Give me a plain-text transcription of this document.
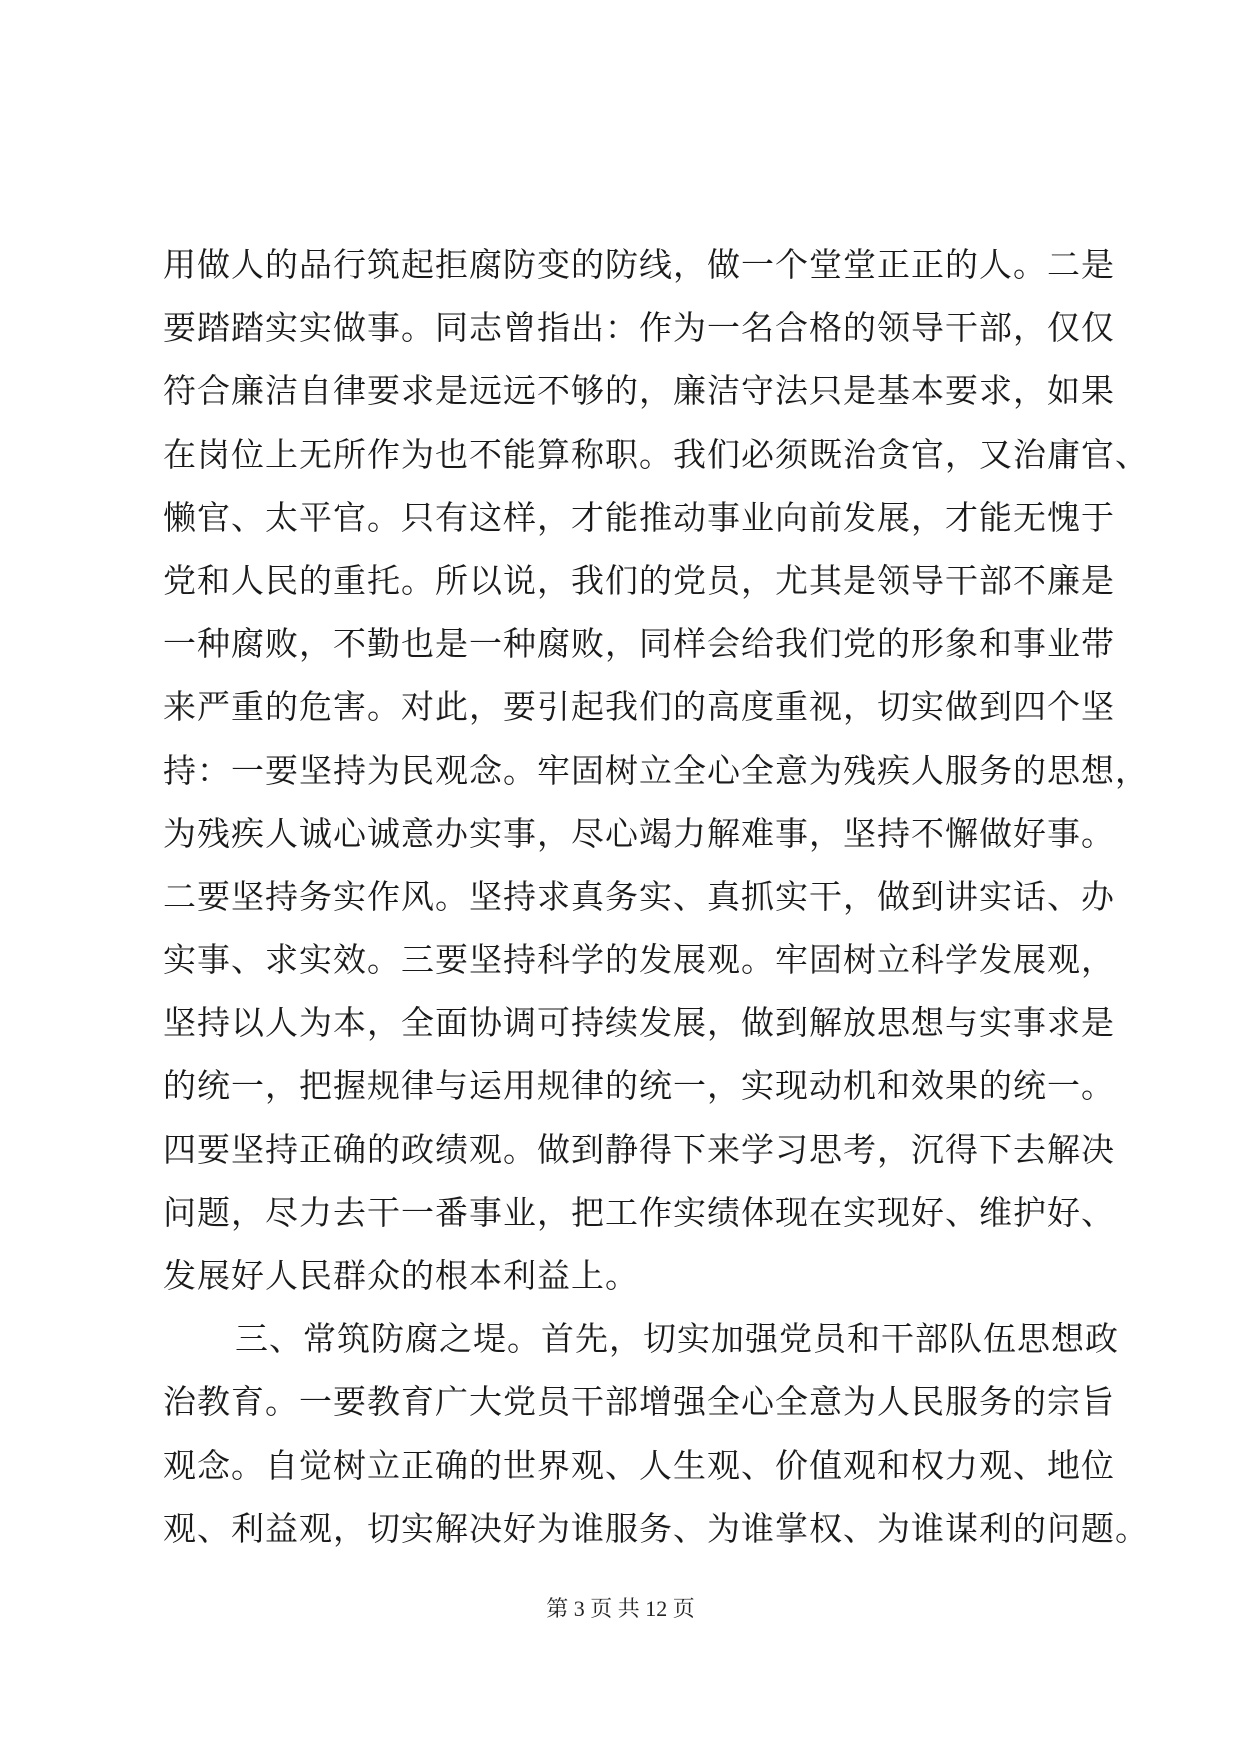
用做人的品行筑起拒腐防变的防线，做一个堂堂正正的人。二是
要踏踏实实做事。同志曾指出：作为一名合格的领导干部，仅仅
符合廉洁自律要求是远远不够的，廉洁守法只是基本要求，如果
在岗位上无所作为也不能算称职。我们必须既治贪官，又治庸官、
懒官、太平官。只有这样，才能推动事业向前发展，才能无愧于
党和人民的重托。所以说，我们的党员，尤其是领导干部不廉是
一种腐败，不勤也是一种腐败，同样会给我们党的形象和事业带
来严重的危害。对此，要引起我们的高度重视，切实做到四个坚
持：一要坚持为民观念。牢固树立全心全意为残疾人服务的思想，
为残疾人诚心诚意办实事，尽心竭力解难事，坚持不懈做好事。
二要坚持务实作风。坚持求真务实、真抓实干，做到讲实话、办
实事、求实效。三要坚持科学的发展观。牢固树立科学发展观，
坚持以人为本，全面协调可持续发展，做到解放思想与实事求是
的统一，把握规律与运用规律的统一，实现动机和效果的统一。
四要坚持正确的政绩观。做到静得下来学习思考，沉得下去解决
问题，尽力去干一番事业，把工作实绩体现在实现好、维护好、
发展好人民群众的根本利益上。
三、常筑防腐之堤。首先，切实加强党员和干部队伍思想政
治教育。一要教育广大党员干部增强全心全意为人民服务的宗旨
观念。自觉树立正确的世界观、人生观、价值观和权力观、地位
观、利益观，切实解决好为谁服务、为谁掌权、为谁谋利的问题。
第 3 页 共 12 页
